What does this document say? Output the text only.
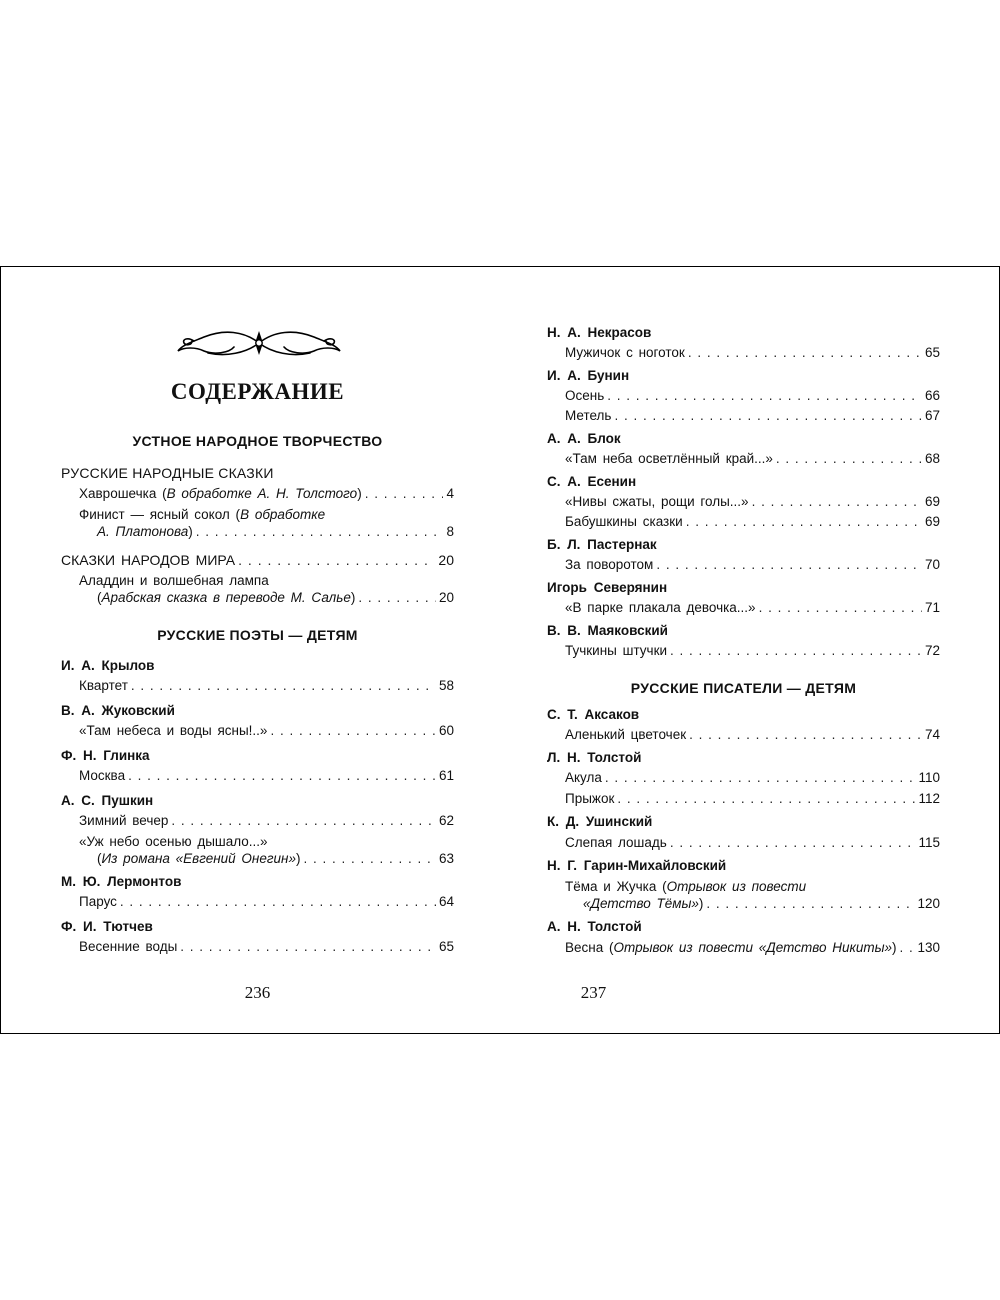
СОДЕРЖАНИЕ
УСТНОЕ НАРОДНОЕ ТВОРЧЕСТВО
РУССКИЕ НАРОДНЫЕ СКАЗКИ
Хаврошечка (В обработке А. Н. Толстого) . . .	4
Финист — ясный сокол (В обработке
А. Платонова) . . .	8
СКАЗКИ НАРОДОВ МИРА . . .	20
Аладдин и волшебная лампа
(Арабская сказка в переводе М. Салье) . . .	20
РУССКИЕ ПОЭТЫ — ДЕТЯМ
И. А. Крылов
Квартет . . .	58
В. А. Жуковский
«Там небеса и воды ясны!..» . . .	60
Ф. Н. Глинка
Москва . . .	61
А. С. Пушкин
Зимний вечер . . .	62
«Уж небо осенью дышало...»
(Из романа «Евгений Онегин») . . .	63
М. Ю. Лермонтов
Парус . . .	64
Ф. И. Тютчев
Весенние воды . . .	65
236
Н. А. Некрасов
Мужичок с ноготок . . .	65
И. А. Бунин
Осень . . .	66
Метель . . .	67
А. А. Блок
«Там неба осветлённый край...» . . .	68
С. А. Есенин
«Нивы сжаты, рощи голы...» . . .	69
Бабушкины сказки . . .	69
Б. Л. Пастернак
За поворотом . . .	70
Игорь Северянин
«В парке плакала девочка...» . . .	71
В. В. Маяковский
Тучкины штучки . . .	72
РУССКИЕ ПИСАТЕЛИ — ДЕТЯМ
С. Т. Аксаков
Аленький цветочек . . .	74
Л. Н. Толстой
Акула . . .	110
Прыжок . . .	112
К. Д. Ушинский
Слепая лошадь . . .	115
Н. Г. Гарин-Михайловский
Тёма и Жучка (Отрывок из повести
«Детство Тёмы») . . .	120
А. Н. Толстой
Весна (Отрывок из повести «Детство Никиты») . . . 130
237
